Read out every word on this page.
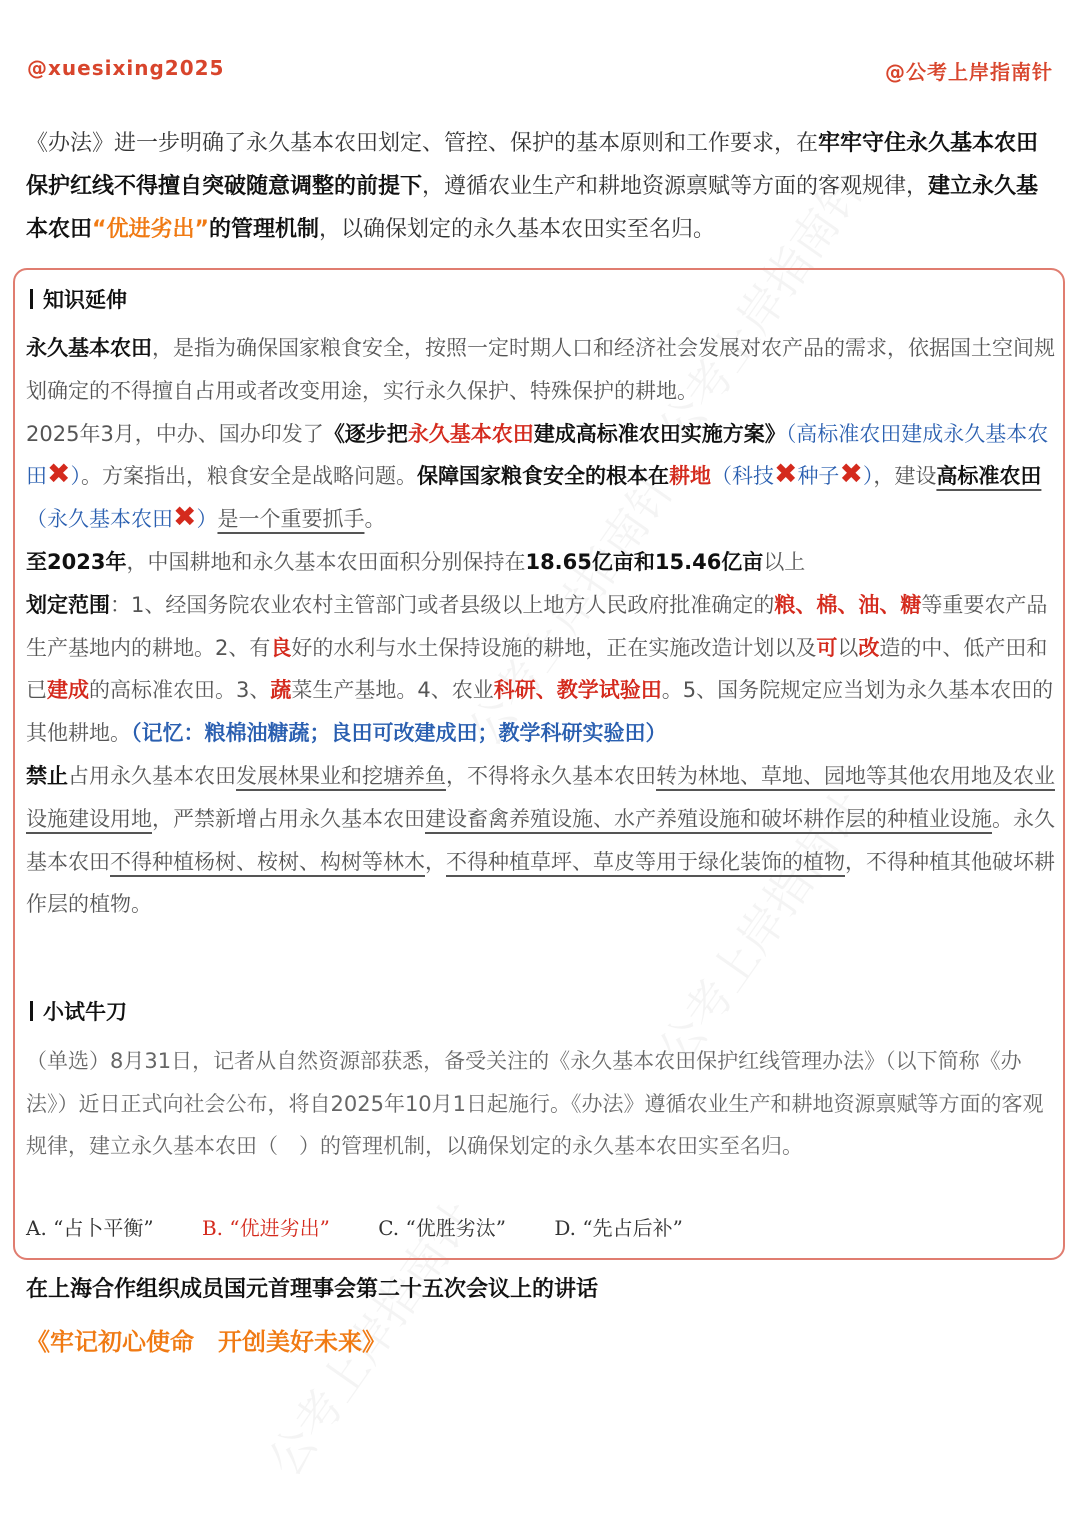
@xuesixing2025	@公考上岸指南针
《办法》进一步明确了永久基本农田划定、管控、保护的基本原则和工作要求，在牢牢守住永久基本农田保护红线不得擅自突破随意调整的前提下，遵循农业生产和耕地资源禀赋等方面的客观规律，建立永久基本农田“优进劣出”的管理机制，以确保划定的永久基本农田实至名归。
知识延伸

永久基本农田，是指为确保国家粮食安全，按照一定时期人口和经济社会发展对农产品的需求，依据国土空间规划确定的不得擅自占用或者改变用途，实行永久保护、特殊保护的耕地。

2025年3月，中办、国办印发了《逐步把永久基本农田建成高标准农田实施方案》（高标准农田建成永久基本农田✖）。方案指出，粮食安全是战略问题。保障国家粮食安全的根本在耕地（科技✖种子✖），建设高标准农田（永久基本农田✖）是一个重要抓手。

至2023年，中国耕地和永久基本农田面积分别保持在18.65亿亩和15.46亿亩以上

划定范围：1、经国务院农业农村主管部门或者县级以上地方人民政府批准确定的粮、棉、油、糖等重要农产品生产基地内的耕地。2、有良好的水利与水土保持设施的耕地，正在实施改造计划以及可以改造的中、低产田和已建成的高标准农田。3、蔬菜生产基地。4、农业科研、教学试验田。5、国务院规定应当划为永久基本农田的其他耕地。（记忆：粮棉油糖蔬；良田可改建成田；教学科研实验田）

禁止占用永久基本农田发展林果业和挖塘养鱼，不得将永久基本农田转为林地、草地、园地等其他农用地及农业设施建设用地，严禁新增占用永久基本农田建设畜禽养殖设施、水产养殖设施和破坏耕作层的种植业设施。永久基本农田不得种植杨树、桉树、构树等林木，不得种植草坪、草皮等用于绿化装饰的植物，不得种植其他破坏耕作层的植物。

小试牛刀

（单选）8月31日，记者从自然资源部获悉，备受关注的《永久基本农田保护红线管理办法》（以下简称《办法》）近日正式向社会公布，将自2025年10月1日起施行。《办法》遵循农业生产和耕地资源禀赋等方面的客观规律，建立永久基本农田（　）的管理机制，以确保划定的永久基本农田实至名归。

A. “占卜平衡” B. “优进劣出” C. “优胜劣汰” D. “先占后补”
在上海合作组织成员国元首理事会第二十五次会议上的讲话
《牢记初心使命　开创美好未来》
